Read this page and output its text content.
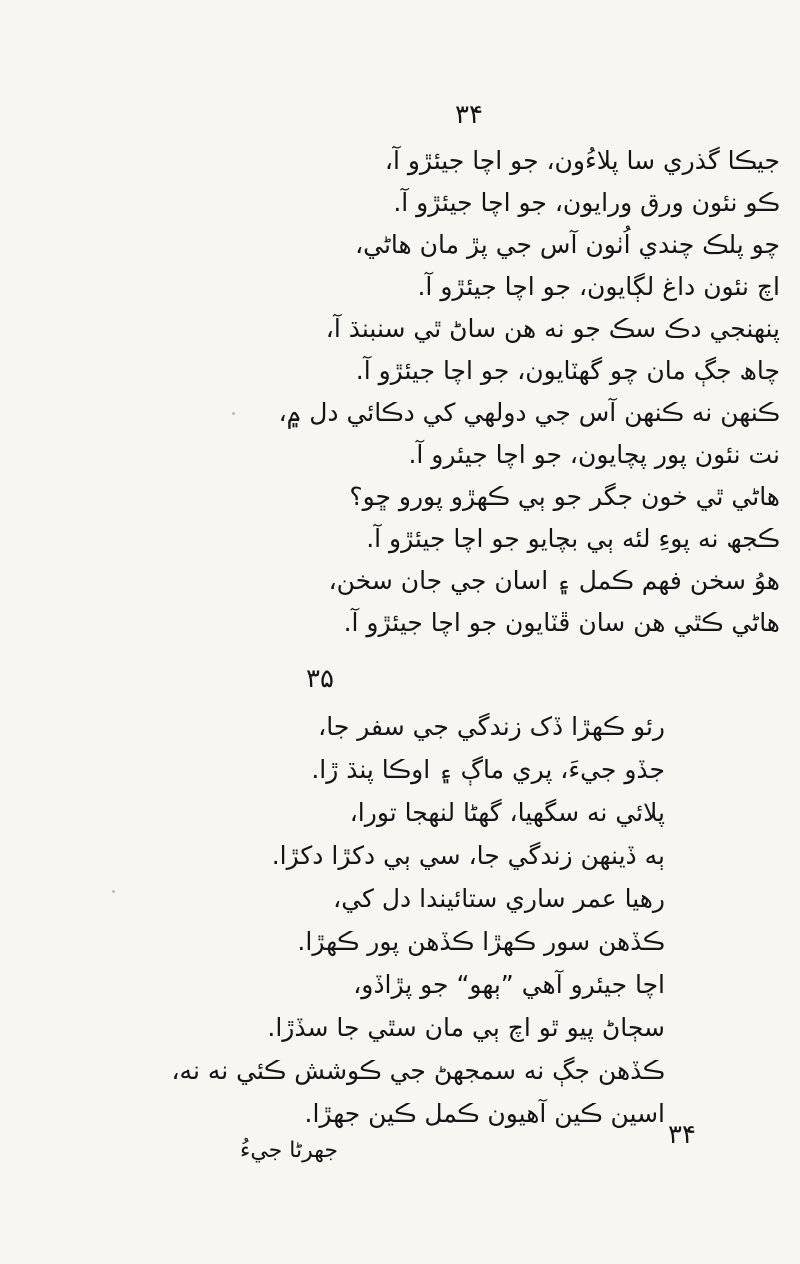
۳۴
جيڪا گذري سا پلاءُون، جو اچا جيئڙو آ،
ڪو نئون ورق ورايون، جو اچا جيئڙو آ.
چو پلڪ چندي اُٺون آس جي پڙ مان هاڻي،
اچ نئون داغ لڳايون، جو اچا جيئڙو آ.
پنهنجي دڪ سڪ جو نه هن ساڻ ٿي سنبنڌ آ،
چاھ جڳ مان چو گهٽايون، جو اچا جيئڙو آ.
ڪنهن نه ڪنهن آس جي دولهي کي دڪائي دل ۾،
نت نئون پور پچايون، جو اچا جيئرو آ.
هاڻي ٿي خون جگر جو ٻي ڪهڙو پورو ڇو؟
ڪجھ نه پوءِ لئه ٻي بچايو جو اچا جيئڙو آ.
هوُ سخن فهم ڪمل ۽ اسان جي جان سخن،
هاڻي ڪٿي هن سان ڦٽايون جو اچا جيئڙو آ.
۳۵
رئو ڪهڙا ڏک زندگي جي سفر جا،
جڏو جيءَ، پري ماڳ ۽ اوڪا پنڌ ڙا.
پلائي نه سگهيا، گهڻا لنهجا تورا،
ٻه ڏينهن زندگي جا، سي ٻي دکڙا دکڙا.
رهيا عمر ساري ستائيندا دل کي،
ڪڏهن سور ڪهڙا ڪڏهن پور ڪهڙا.
اچا جيئرو آهي ”ٻهو“ جو پڙاڏو،
سڄاڻ پيو ٿو اچ ٻي مان سٿي جا سڏڙا.
ڪڏهن جڳ نه سمجهڻ جي ڪوشش ڪئي نه نه،
اسين ڪين آهيون ڪمل ڪين جهڙا.
جهرڻا جيءُ
۳۴
